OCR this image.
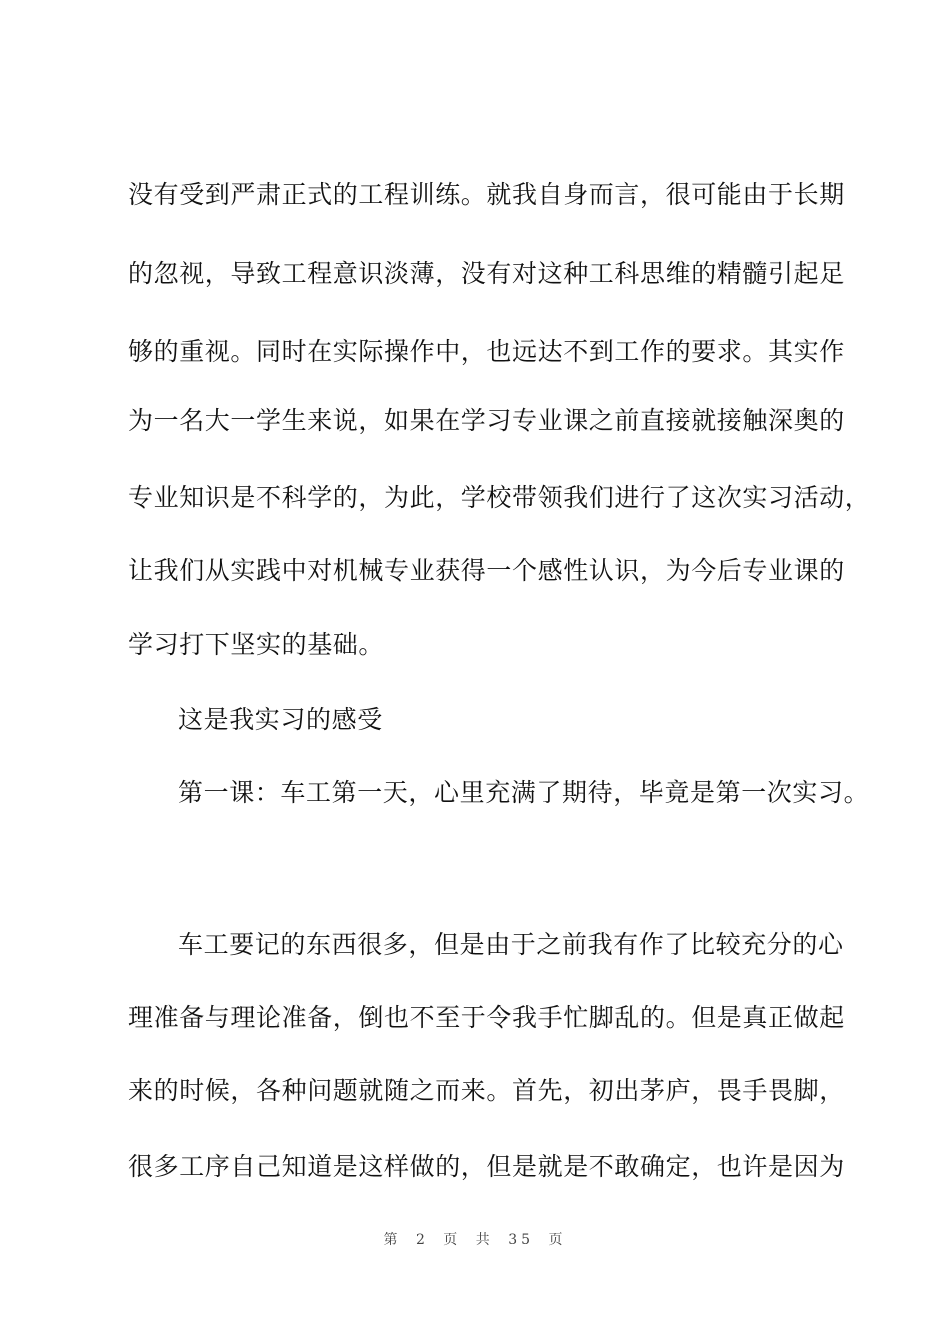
没有受到严肃正式的工程训练。就我自身而言，很可能由于长期
的忽视，导致工程意识淡薄，没有对这种工科思维的精髓引起足
够的重视。同时在实际操作中，也远达不到工作的要求。其实作
为一名大一学生来说，如果在学习专业课之前直接就接触深奥的
专业知识是不科学的，为此，学校带领我们进行了这次实习活动，
让我们从实践中对机械专业获得一个感性认识，为今后专业课的
学习打下坚实的基础。
这是我实习的感受
第一课：车工第一天，心里充满了期待，毕竟是第一次实习。
车工要记的东西很多，但是由于之前我有作了比较充分的心
理准备与理论准备，倒也不至于令我手忙脚乱的。但是真正做起
来的时候，各种问题就随之而来。首先，初出茅庐，畏手畏脚，
很多工序自己知道是这样做的，但是就是不敢确定，也许是因为
第 2 页 共 35 页
